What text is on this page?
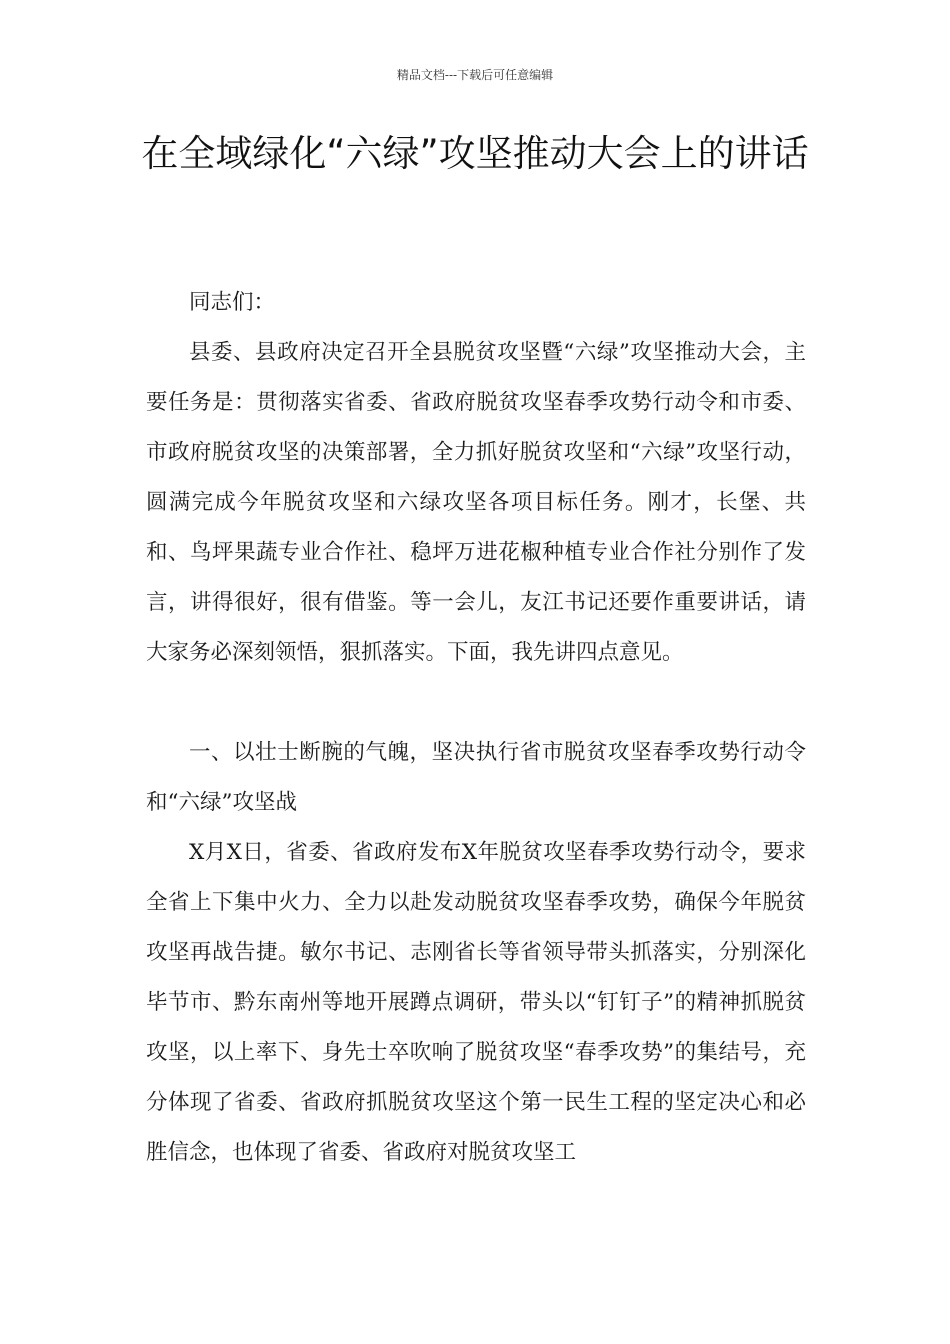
精品文档---下载后可任意编辑
在全域绿化“六绿”攻坚推动大会上的讲话

同志们：

县委、县政府决定召开全县脱贫攻坚暨“六绿”攻坚推动大会，主要任务是：贯彻落实省委、省政府脱贫攻坚春季攻势行动令和市委、市政府脱贫攻坚的决策部署，全力抓好脱贫攻坚和“六绿”攻坚行动，圆满完成今年脱贫攻坚和六绿攻坚各项目标任务。刚才，长堡、共和、鸟坪果蔬专业合作社、稳坪万进花椒种植专业合作社分别作了发言，讲得很好，很有借鉴。等一会儿，友江书记还要作重要讲话，请大家务必深刻领悟，狠抓落实。下面，我先讲四点意见。

一、以壮士断腕的气魄，坚决执行省市脱贫攻坚春季攻势行动令和“六绿”攻坚战

X月X日，省委、省政府发布X年脱贫攻坚春季攻势行动令，要求全省上下集中火力、全力以赴发动脱贫攻坚春季攻势，确保今年脱贫攻坚再战告捷。敏尔书记、志刚省长等省领导带头抓落实，分别深化毕节市、黔东南州等地开展蹲点调研，带头以“钉钉子”的精神抓脱贫攻坚，以上率下、身先士卒吹响了脱贫攻坚“春季攻势”的集结号，充分体现了省委、省政府抓脱贫攻坚这个第一民生工程的坚定决心和必胜信念，也体现了省委、省政府对脱贫攻坚工
